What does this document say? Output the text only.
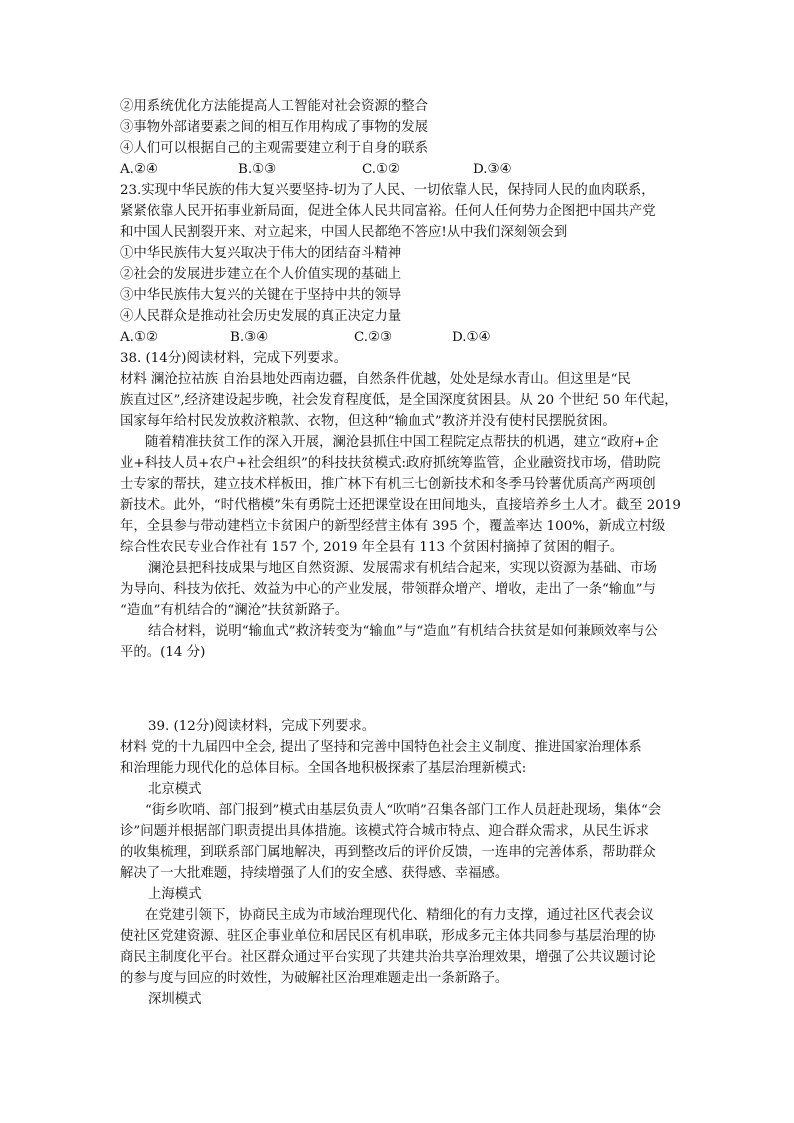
②用系统优化方法能提高人工智能对社会资源的整合
③事物外部诸要素之间的相互作用构成了事物的发展
④人们可以根据自己的主观需要建立利于自身的联系
A.②④	B.①③	C.①②	D.③④
23.实现中华民族的伟大复兴要坚持-切为了人民、一切依靠人民，保持同人民的血肉联系，
紧紧依靠人民开拓事业新局面，促进全体人民共同富裕。任何人任何势力企图把中国共产党
和中国人民割裂开来、对立起来，中国人民都绝不答应!从中我们深刻领会到
①中华民族伟大复兴取决于伟大的团结奋斗精神
②社会的发展进步建立在个人价值实现的基础上
③中华民族伟大复兴的关键在于坚持中共的领导
④人民群众是推动社会历史发展的真正决定力量
A.①②	B.③④	C.②③	D.①④
38. (14分)阅读材料，完成下列要求。
材料 澜沧拉祜族 自治县地处西南边疆，自然条件优越，处处是绿水青山。但这里是“民
族直过区”,经济建设起步晚，社会发育程度低，是全国深度贫困县。从 20 个世纪 50 年代起，
国家每年给村民发放救济粮款、衣物，但这种“输血式”教济并没有使村民摆脱贫困。
随着精准扶贫工作的深入开展，澜沧县抓住中国工程院定点帮扶的机遇，建立“政府+企
业+科技人员+农户+社会组织”的科技扶贫模式:政府抓统筹监管，企业融资找市场，借助院
士专家的帮扶，建立技术样板田，推广林下有机三七创新技术和冬季马铃薯优质高产两项创
新技术。此外，“时代楷模”朱有勇院士还把课堂设在田间地头，直接培养乡土人才。截至 2019
年，全县参与带动建档立卡贫困户的新型经营主体有 395 个，覆盖率达 100%，新成立村级
综合性农民专业合作社有 157 个, 2019 年全县有 113 个贫困村摘掉了贫困的帽子。
澜沧县把科技成果与地区自然资源、发展需求有机结合起来，实现以资源为基础、市场
为导向、科技为依托、效益为中心的产业发展，带领群众增产、增收，走出了一条“输血”与
“造血”有机结合的“澜沧”扶贫新路子。
结合材料，说明“输血式”救济转变为“输血”与“造血”有机结合扶贫是如何兼顾效率与公
平的。(14 分)
39. (12分)阅读材料，完成下列要求。
材料 党的十九届四中全会, 提出了坚持和完善中国特色社会主义制度、推进国家治理体系
和治理能力现代化的总体目标。全国各地积极探索了基层治理新模式:
北京模式
“街乡吹哨、部门报到”模式由基层负责人“吹哨”召集各部门工作人员赶赴现场，集体“会
诊”问题并根据部门职责提出具体措施。该模式符合城市特点、迎合群众需求，从民生诉求
的收集梳理，到联系部门属地解决，再到整改后的评价反馈，一连串的完善体系，帮助群众
解决了一大批难题，持续增强了人们的安全感、获得感、幸福感。
上海模式
在党建引领下，协商民主成为市域治理现代化、精细化的有力支撑，通过社区代表会议
使社区党建资源、驻区企事业单位和居民区有机串联，形成多元主体共同参与基层治理的协
商民主制度化平台。社区群众通过平台实现了共建共治共享治理效果，增强了公共议题讨论
的参与度与回应的时效性，为破解社区治理难题走出一条新路子。
深圳模式
